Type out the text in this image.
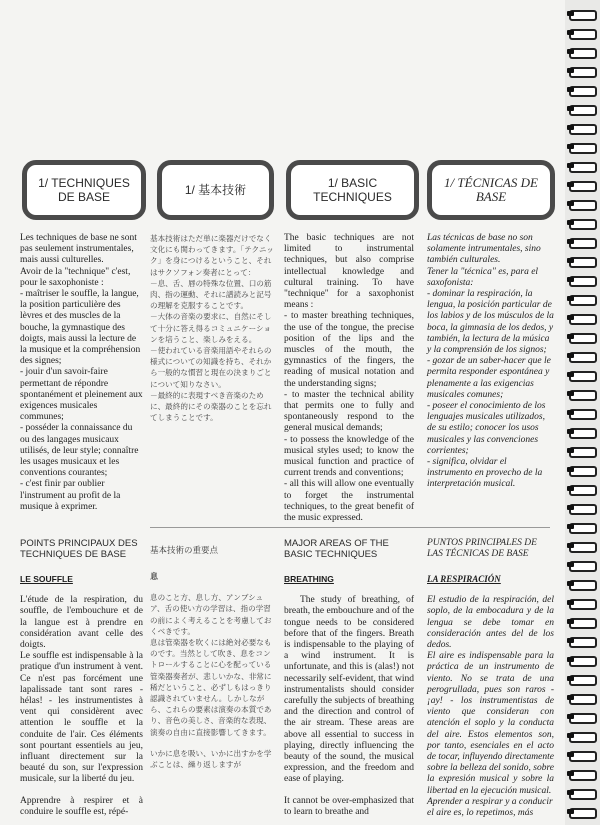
1/ TECHNIQUES DE BASE	1/ 基本技術	1/ BASIC TECHNIQUES
1/ TÉCNICAS DE BASE

Les techniques de base ne sont pas seulement instrumentales, mais aussi culturelles.

Avoir de la "technique" c'est, pour le saxophoniste :

- maîtriser le souffle, la langue, la position particulière des lèvres et des muscles de la bouche, la gymnastique des doigts, mais aussi la lecture de la musique et la compréhension des signes;

- jouir d'un savoir-faire permettant de répondre spontanément et pleinement aux exigences musicales communes;

- posséder la connaissance du ou des langages musicaux utilisés, de leur style; connaître les usages musicaux et les conventions courantes;

- c'est finir par oublier l'instrument au profit de la musique à exprimer.

基本技術はただ単に楽器だけでなく文化にも関わってきます。「テクニック」を身につけるということ、それはサクソフォン奏者にとって：

－息、舌、唇の特殊な位置、口の筋肉、指の運動、それに譜読みと記号の理解を克服することです。

－大体の音楽の要求に、自然にそして十分に答え得るコミュニケーションを培うこと、楽しみをえる。

－使われている音楽用語やそれらの様式についての知識を持ち、それから一般的な慣習と現在の決まりごとについて知りなさい。

－最終的に表現すべき音楽のために、最終的にその楽器のことを忘れてしまうことです。

The basic techniques are not limited to instrumental techniques, but also comprise intellectual knowledge and cultural training. To have "technique" for a saxophonist means :

- to master breathing techniques, the use of the tongue, the precise position of the lips and the muscles of the mouth, the gymnastics of the fingers, the reading of musical notation and the understanding signs;

- to master the technical ability that permits one to fully and spontaneously respond to the general musical demands;

- to possess the knowledge of the musical styles used; to know the musical function and practice of current trends and conventions;

- all this will allow one eventually to forget the instrumental techniques, to the great benefit of the music expressed.

Las técnicas de base no son solamente intrumentales, sino también culturales.

Tener la "técnica" es, para el saxofonista:

- dominar la respiración, la lengua, la posición particular de los labios y de los músculos de la boca, la gimnasia de los dedos, y también, la lectura de la música y la comprensión de los signos;

- gozar de un saber-hacer que le permita responder espontánea y plenamente a las exigencias musicales comunes;

- poseer el conocimiento de los lenguajes musicales utilizados, de su estilo; conocer los usos musicales y las convenciones corrientes;

- significa, olvidar el instrumento en provecho de la interpretación musical.

POINTS PRINCIPAUX DES TECHNIQUES DE BASE
LE SOUFFLE

L'étude de la respiration, du souffle, de l'embouchure et de la langue est à prendre en considération avant celle des doigts.

Le souffle est indispensable à la pratique d'un instrument à vent. Ce n'est pas forcément une lapalissade tant sont rares - hélas! - les instrumentistes à vent qui considèrent avec attention le souffle et la conduite de l'air. Ces éléments sont pourtant essentiels au jeu, influant directement sur la beauté du son, sur l'expression musicale, sur la liberté du jeu.

Apprendre à respirer et à conduire le souffle est, répé-

基本技術の重要点
息

息のこと方、息し方、アンブシュア、舌の使い方の学習は、指の学習の前によく考えることを考慮しておくべきです。

息は管楽器を吹くには絶対必要なものです。当然として吹き、息をコントロールすることに心を配っている管楽器奏者が、悲しいかな、非常に稀だということ、必ずしもはっきり認識されていません。しかしながら、これらの要素は演奏の本質であり、音色の美しさ、音楽的な表現、演奏の自由に直接影響してきます。

いかに息を吸い、いかに出すかを学ぶことは、繰り返しますが

MAJOR AREAS OF THE BASIC TECHNIQUES
BREATHING

The study of breathing, of breath, the embouchure and of the tongue needs to be considered before that of the fingers. Breath is indispensable to the playing of a wind instrument. It is unfortunate, and this is (alas!) not necessarily self-evident, that wind instrumentalists should consider carefully the subjects of breathing and the direction and control of the air stream. These areas are above all essential to success in playing, directly influencing the beauty of the sound, the musical expression, and the freedom and ease of playing.

It cannot be over-emphasized that to learn to breathe and

PUNTOS PRINCIPALES DE LAS TÉCNICAS DE BASE
LA RESPIRACIÓN

El estudio de la respiración, del soplo, de la embocadura y de la lengua se debe tomar en consideración antes del de los dedos.

El aire es indispensable para la práctica de un instrumento de viento. No se trata de una perogrullada, pues son raros - ¡ay! - los instrumentistas de viento que consideran con atención el soplo y la conducta del aire. Estos elementos son, por tanto, esenciales en el acto de tocar, influyendo directamente sobre la belleza del sonido, sobre la expresión musical y sobre la libertad en la ejecución musical.

Aprender a respirar y a conducir el aire es, lo repetimos, más
